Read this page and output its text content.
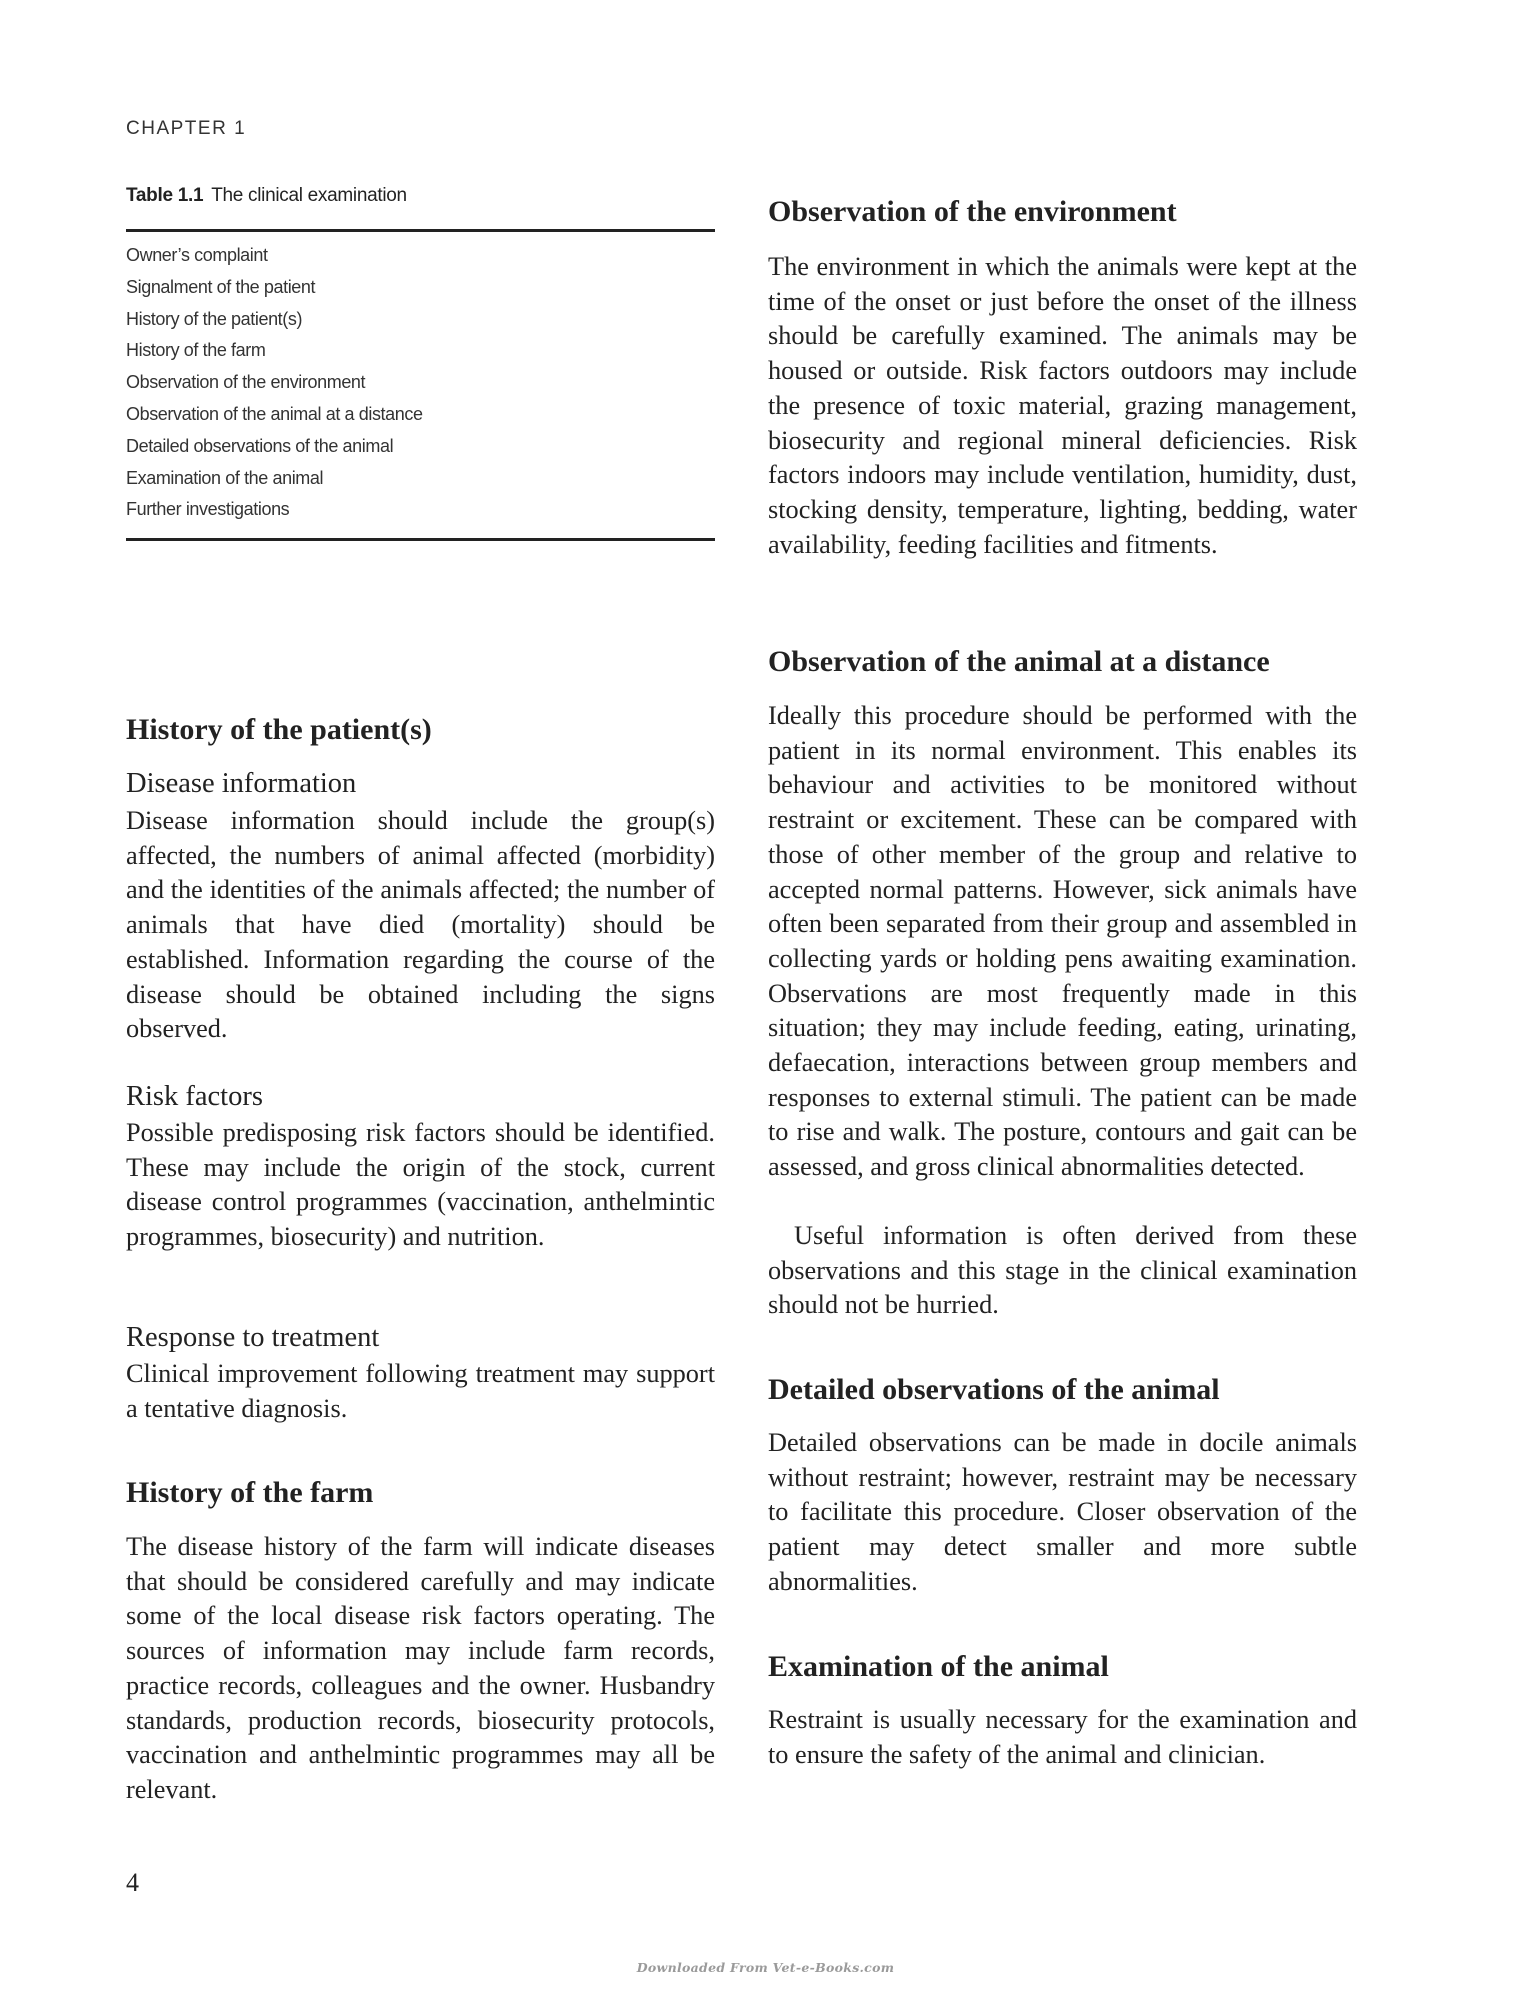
CHAPTER 1
Table 1.1 The clinical examination
Owner’s complaint
Signalment of the patient
History of the patient(s)
History of the farm
Observation of the environment
Observation of the animal at a distance
Detailed observations of the animal
Examination of the animal
Further investigations
History of the patient(s)
Disease information

Disease information should include the group(s) affected, the numbers of animal affected (morbidity) and the identities of the animals affected; the number of animals that have died (mortality) should be established. Information regarding the course of the disease should be obtained including the signs observed.

Risk factors

Possible predisposing risk factors should be identified. These may include the origin of the stock, current disease control programmes (vaccination, anthelmintic programmes, biosecurity) and nutrition.

Response to treatment

Clinical improvement following treatment may support a tentative diagnosis.

History of the farm

The disease history of the farm will indicate diseases that should be considered carefully and may indicate some of the local disease risk factors operating. The sources of information may include farm records, practice records, colleagues and the owner. Husbandry standards, production records, biosecurity protocols, vaccination and anthelmintic programmes may all be relevant.

Observation of the environment

The environment in which the animals were kept at the time of the onset or just before the onset of the illness should be carefully examined. The animals may be housed or outside. Risk factors outdoors may include the presence of toxic material, grazing management, biosecurity and regional mineral deficiencies. Risk factors indoors may include ventilation, humidity, dust, stocking density, temperature, lighting, bedding, water availability, feeding facilities and fitments.

Observation of the animal at a distance

Ideally this procedure should be performed with the patient in its normal environment. This enables its behaviour and activities to be monitored without restraint or excitement. These can be compared with those of other member of the group and relative to accepted normal patterns. However, sick animals have often been separated from their group and assembled in collecting yards or holding pens awaiting examination. Observations are most frequently made in this situation; they may include feeding, eating, urinating, defaecation, interactions between group members and responses to external stimuli. The patient can be made to rise and walk. The posture, contours and gait can be assessed, and gross clinical abnormalities detected.

Useful information is often derived from these observations and this stage in the clinical examination should not be hurried.

Detailed observations of the animal

Detailed observations can be made in docile animals without restraint; however, restraint may be necessary to facilitate this procedure. Closer observation of the patient may detect smaller and more subtle abnormalities.

Examination of the animal

Restraint is usually necessary for the examination and to ensure the safety of the animal and clinician.

4
Downloaded From Vet-e-Books.com
